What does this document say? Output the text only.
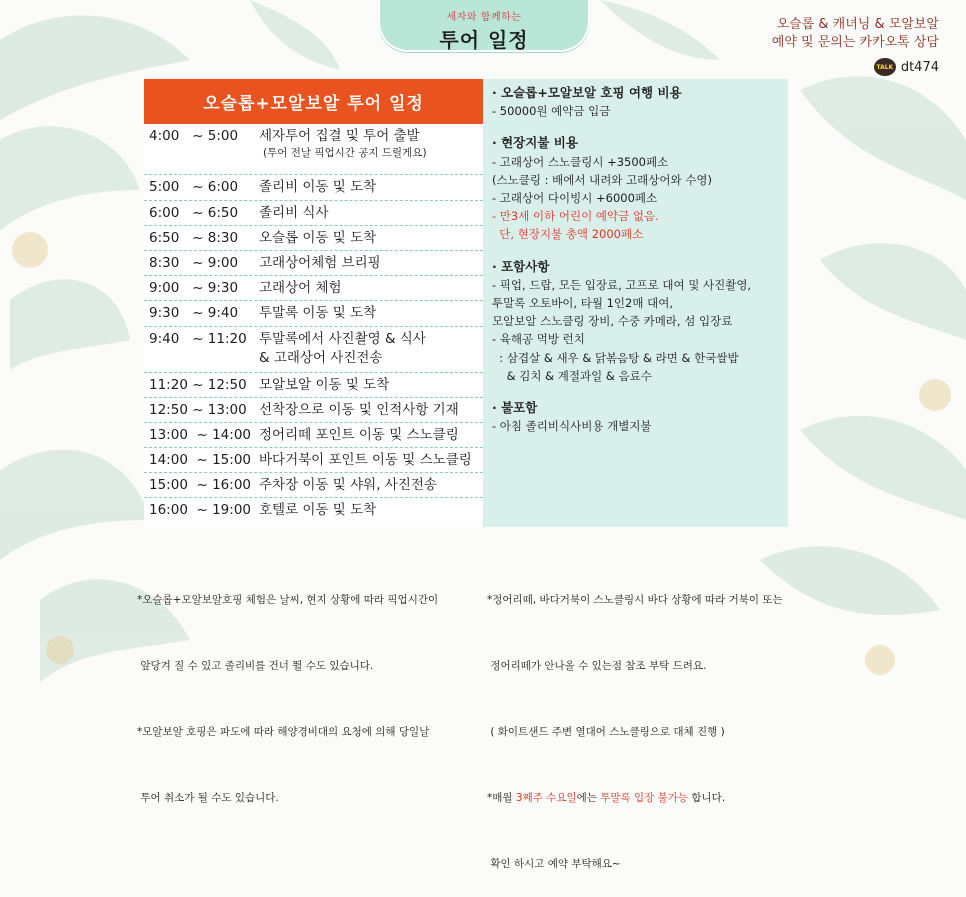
세자와 함께하는
투어 일정
오슬롭 & 캐녀닝 & 모알보알
예약 및 문의는 카카오톡 상담
TALK dt474
오슬롭+모알보알 투어 일정
4:00   ~ 5:00	세자투어 집결 및 투어 출발
(투어 전날 픽업시간 공지 드릴게요)
5:00   ~ 6:00	졸리비 이동 및 도착
6:00   ~ 6:50	졸리비 식사
6:50   ~ 8:30	오슬롭 이동 및 도착
8:30   ~ 9:00	고래상어체험 브리핑
9:00   ~ 9:30	고래상어 체험
9:30   ~ 9:40	투말록 이동 및 도착
9:40   ~ 11:20 투말록에서 사진촬영 & 식사
& 고래상어 사진전송
11:20 ~ 12:50 모알보알 이동 및 도착
12:50 ~ 13:00 선착장으로 이동 및 인적사항 기재
13:00  ~ 14:00 정어리떼 포인트 이동 및 스노클링
14:00  ~ 15:00 바다거북이 포인트 이동 및 스노클링
15:00  ~ 16:00 주차장 이동 및 샤워, 사진전송
16:00  ~ 19:00 호텔로 이동 및 도착
· 오슬롭+모알보알 호핑 여행 비용
- 50000원 예약금 입금
· 현장지불 비용
- 고래상어 스노클링시 +3500페소
(스노클링 : 배에서 내려와 고래상어와 수영)
- 고래상어 다이빙시 +6000페소
- 만3세 이하 어린이 예약금 없음.
단, 현장지불 총액 2000페소
· 포함사항
- 픽업, 드랍, 모든 입장료, 고프로 대여 및 사진촬영,
투말록 오토바이, 타월 1인2매 대여,
모알보알 스노클링 장비, 수중 카메라, 섬 입장료
- 육해공 먹방 런치
: 삼겹살 & 새우 & 닭볶음탕 & 라면 & 한국쌀밥
& 김치 & 계절과일 & 음료수
· 불포함
- 아침 졸리비식사비용 개별지불

*오슬롭+모알보알호핑 체험은 날씨, 현지 상황에 따라 픽업시간이

앞당겨 질 수 있고 졸리비를 건너 뛸 수도 있습니다.

*모알보알 호핑은 파도에 따라 해양경비대의 요청에 의해 당일날

투어 취소가 될 수도 있습니다.

*정어리떼, 바다거북이 스노클링시 바다 상황에 따라 거북이 또는

정어리떼가 안나올 수 있는점 참조 부탁 드려요.

( 화이트샌드 주변 열대어 스노클링으로 대체 진행 )

*매월 3째주 수요일에는 투말록 입장 불가능 합니다.

확인 하시고 예약 부탁해요~
